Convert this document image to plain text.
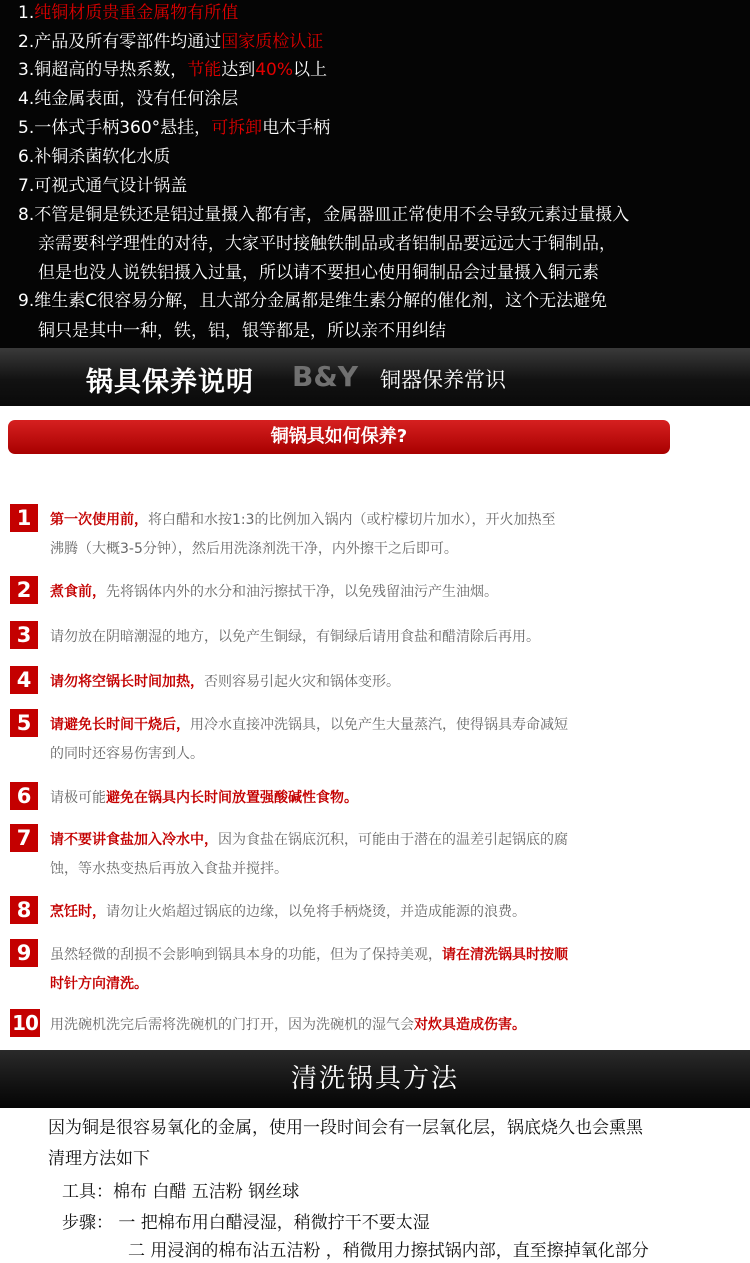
1.纯铜材质贵重金属物有所值
2.产品及所有零部件均通过国家质检认证
3.铜超高的导热系数，节能达到40%以上
4.纯金属表面，没有任何涂层
5.一体式手柄360°悬挂，可拆卸电木手柄
6.补铜杀菌软化水质
7.可视式通气设计锅盖
8.不管是铜是铁还是铝过量摄入都有害，金属器皿正常使用不会导致元素过量摄入
亲需要科学理性的对待，大家平时接触铁制品或者铝制品要远远大于铜制品，
但是也没人说铁铝摄入过量，所以请不要担心使用铜制品会过量摄入铜元素
9.维生素C很容易分解，且大部分金属都是维生素分解的催化剂，这个无法避免
铜只是其中一种，铁，铝，银等都是，所以亲不用纠结
锅具保养说明 B&Y 铜器保养常识
铜锅具如何保养?
1	第一次使用前，将白醋和水按1:3的比例加入锅内（或柠檬切片加水），开火加热至
沸腾（大概3-5分钟），然后用洗涤剂洗干净，内外擦干之后即可。
2	煮食前，先将锅体内外的水分和油污擦拭干净，以免残留油污产生油烟。
3	请勿放在阴暗潮湿的地方，以免产生铜绿，有铜绿后请用食盐和醋清除后再用。
4	请勿将空锅长时间加热，否则容易引起火灾和锅体变形。
5	请避免长时间干烧后，用冷水直接冲洗锅具，以免产生大量蒸汽，使得锅具寿命减短
的同时还容易伤害到人。
6	请极可能避免在锅具内长时间放置强酸碱性食物。
7	请不要讲食盐加入冷水中，因为食盐在锅底沉积，可能由于潜在的温差引起锅底的腐
蚀，等水热变热后再放入食盐并搅拌。
8	烹饪时，请勿让火焰超过锅底的边缘，以免将手柄烧烫，并造成能源的浪费。
9	虽然轻微的刮损不会影响到锅具本身的功能，但为了保持美观，请在清洗锅具时按顺
时针方向清洗。
10 用洗碗机洗完后需将洗碗机的门打开，因为洗碗机的湿气会对炊具造成伤害。
清洗锅具方法
因为铜是很容易氧化的金属，使用一段时间会有一层氧化层，锅底烧久也会熏黑
清理方法如下
工具：棉布 白醋 五洁粉 钢丝球
步骤： 一 把棉布用白醋浸湿，稍微拧干不要太湿
二 用浸润的棉布沾五洁粉 ，稍微用力擦拭锅内部，直至擦掉氧化部分
